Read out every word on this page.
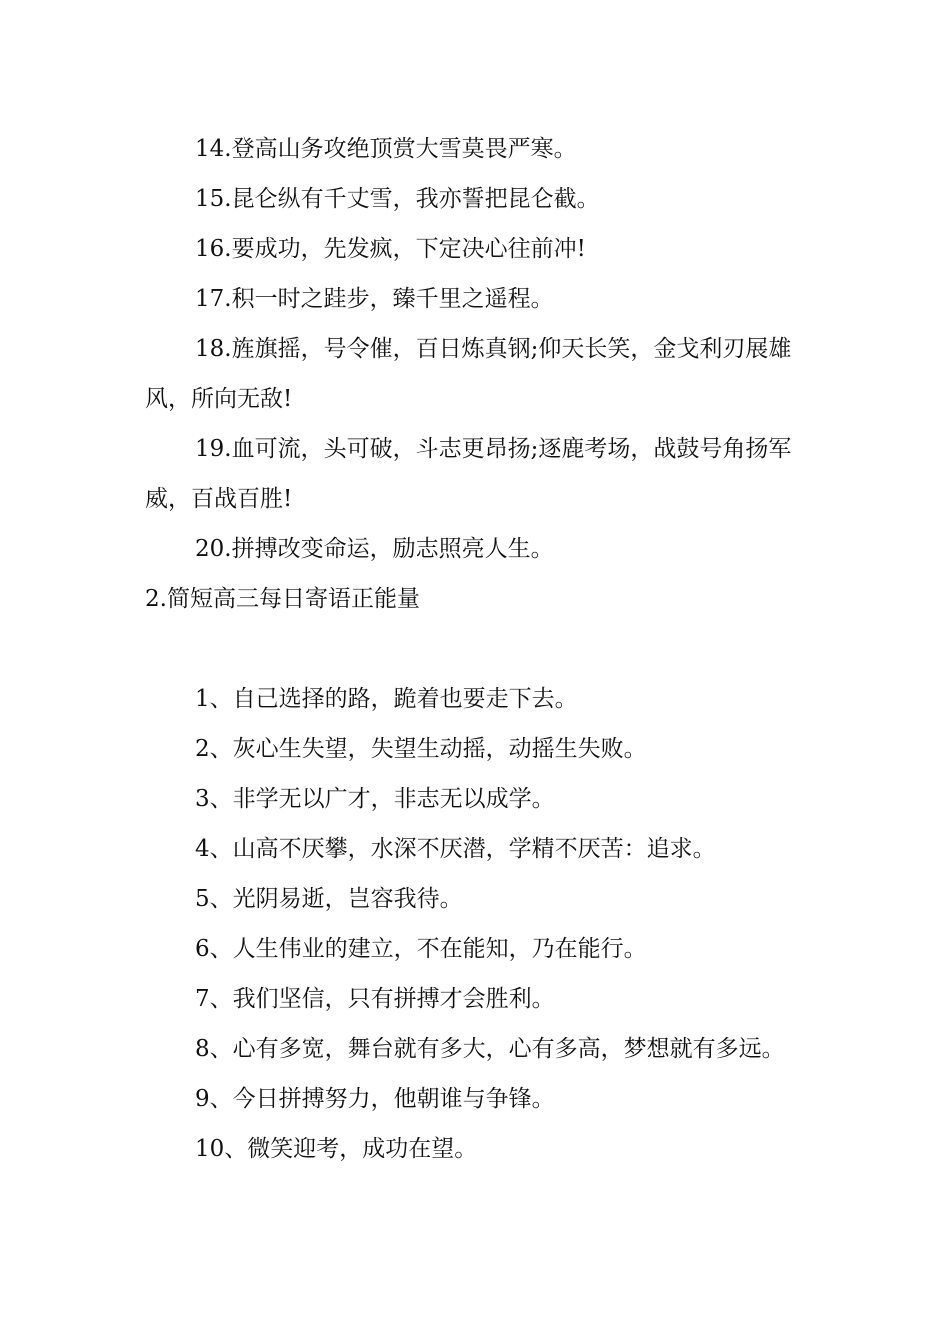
14.登高山务攻绝顶赏大雪莫畏严寒。

15.昆仑纵有千丈雪，我亦誓把昆仑截。

16.要成功，先发疯，下定决心往前冲!

17.积一时之跬步，臻千里之遥程。

18.旌旗摇，号令催，百日炼真钢;仰天长笑，金戈利刃展雄风，所向无敌!

19.血可流，头可破，斗志更昂扬;逐鹿考场，战鼓号角扬军威，百战百胜!

20.拼搏改变命运，励志照亮人生。

2.简短高三每日寄语正能量

1、自己选择的路，跪着也要走下去。

2、灰心生失望，失望生动摇，动摇生失败。

3、非学无以广才，非志无以成学。

4、山高不厌攀，水深不厌潜，学精不厌苦：追求。

5、光阴易逝，岂容我待。

6、人生伟业的建立，不在能知，乃在能行。

7、我们坚信，只有拼搏才会胜利。

8、心有多宽，舞台就有多大，心有多高，梦想就有多远。

9、今日拼搏努力，他朝谁与争锋。

10、微笑迎考，成功在望。
